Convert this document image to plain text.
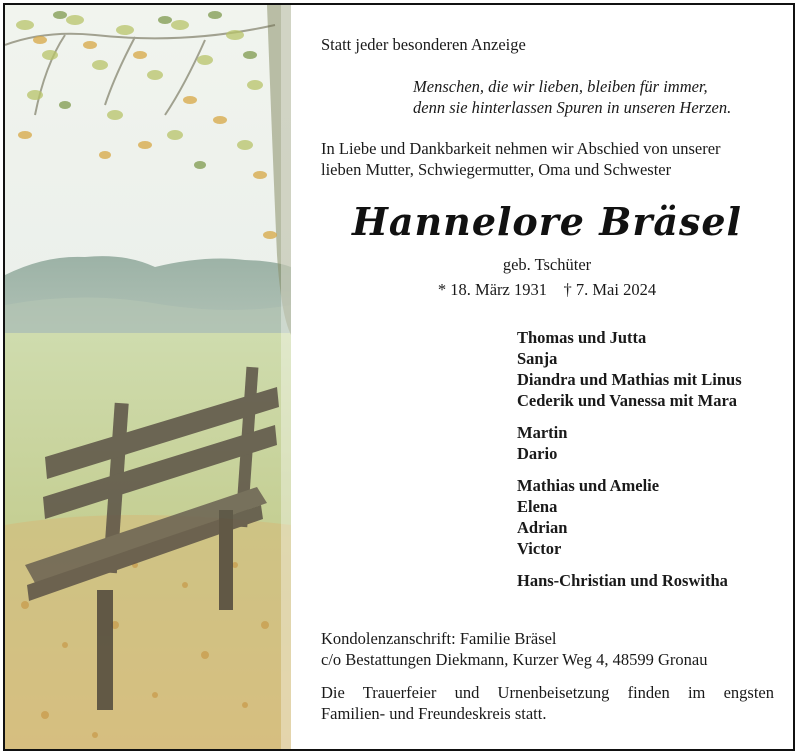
Statt jeder besonderen Anzeige
Menschen, die wir lieben, bleiben für immer,
denn sie hinterlassen Spuren in unseren Herzen.
In Liebe und Dankbarkeit nehmen wir Abschied von unserer
lieben Mutter, Schwiegermutter, Oma und Schwester
Hannelore Bräsel
geb. Tschüter
* 18. März 1931    † 7. Mai 2024
Thomas und Jutta
Sanja
Diandra und Mathias mit Linus
Cederik und Vanessa mit Mara
Martin
Dario
Mathias und Amelie
Elena
Adrian
Victor
Hans-Christian und Roswitha
Kondolenzanschrift: Familie Bräsel
c/o Bestattungen Diekmann, Kurzer Weg 4, 48599 Gronau
Die Trauerfeier und Urnenbeisetzung finden im engsten
Familien- und Freundeskreis statt.
